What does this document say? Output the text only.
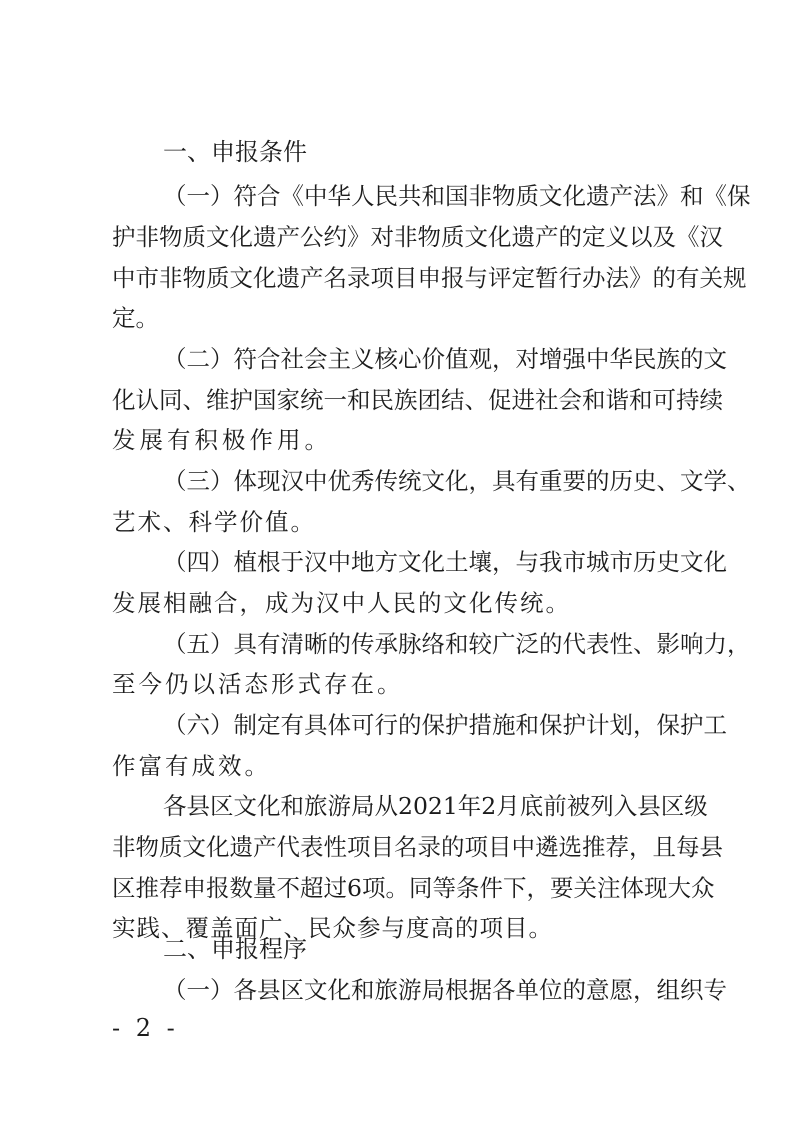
一、申报条件
（一）符合《中华人民共和国非物质文化遗产法》和《保
护非物质文化遗产公约》对非物质文化遗产的定义以及《汉
中市非物质文化遗产名录项目申报与评定暂行办法》的有关规
定。
（二）符合社会主义核心价值观，对增强中华民族的文
化认同、维护国家统一和民族团结、促进社会和谐和可持续
发展有积极作用。
（三）体现汉中优秀传统文化，具有重要的历史、文学、
艺术、科学价值。
（四）植根于汉中地方文化土壤，与我市城市历史文化
发展相融合，成为汉中人民的文化传统。
（五）具有清晰的传承脉络和较广泛的代表性、影响力，
至今仍以活态形式存在。
（六）制定有具体可行的保护措施和保护计划，保护工
作富有成效。
各县区文化和旅游局从2021年2月底前被列入县区级
非物质文化遗产代表性项目名录的项目中遴选推荐，且每县
区推荐申报数量不超过6项。同等条件下，要关注体现大众
实践、覆盖面广、民众参与度高的项目。
二、申报程序
（一）各县区文化和旅游局根据各单位的意愿，组织专
- 2 -
